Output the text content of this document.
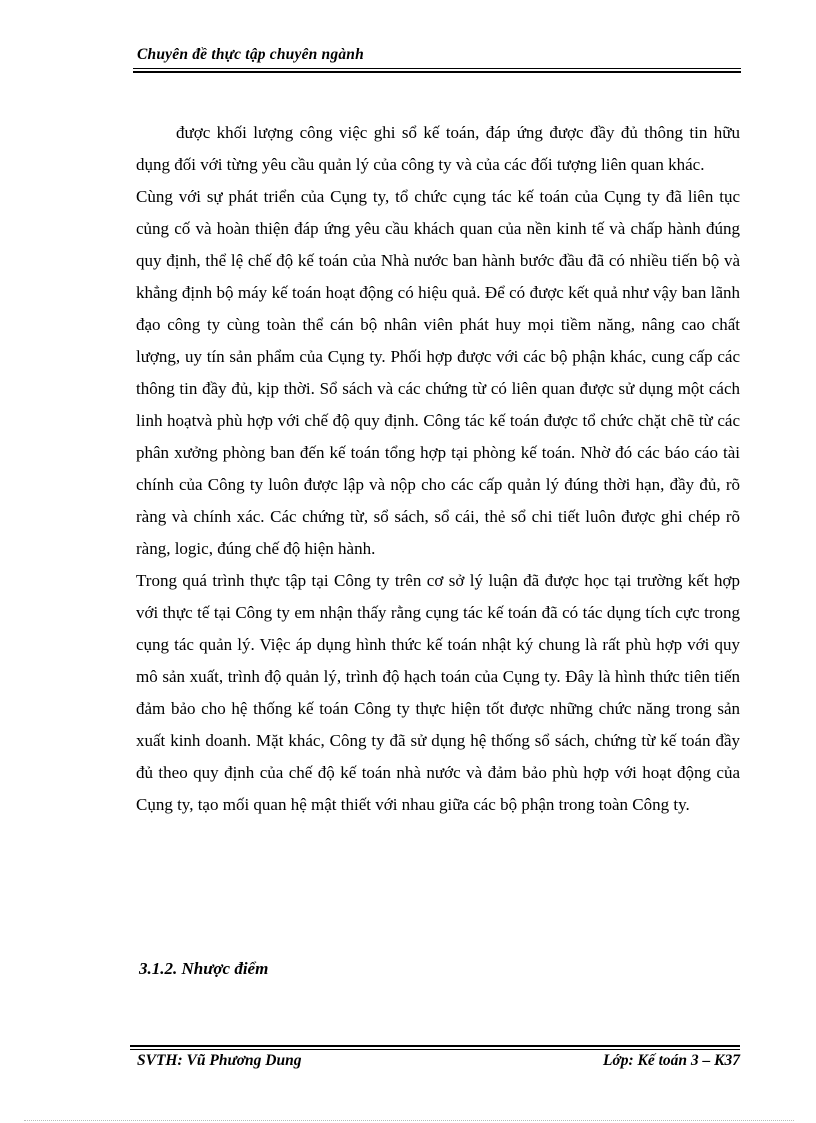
Chuyên đề thực tập chuyên ngành

được khối lượng công việc ghi sổ kế toán, đáp ứng được đầy đủ thông tin hữu dụng đối với từng yêu cầu quản lý của công ty và của các đối tượng liên quan khác.

Cùng với sự phát triển của Cụng ty, tổ chức cụng tác kế toán của Cụng ty đã liên tục củng cố và hoàn thiện đáp ứng yêu cầu khách quan của nền kinh tế và chấp hành đúng quy định, thể lệ chế độ kế toán của Nhà nước ban hành bước đầu đã có nhiều tiến bộ và khẳng định bộ máy kế toán hoạt động có hiệu quả. Để có được kết quả như vậy ban lãnh đạo công ty cùng toàn thể cán bộ nhân viên phát huy mọi tiềm năng, nâng cao chất lượng, uy tín sản phẩm của Cụng ty. Phối hợp được với các bộ phận khác, cung cấp các thông tin đầy đủ, kịp thời. Sổ sách và các chứng từ có liên quan được sử dụng một cách linh hoạtvà phù hợp với chế độ quy định. Công tác kế toán được tổ chức chặt chẽ từ các phân xưởng phòng ban đến kế toán tổng hợp tại phòng kế toán. Nhờ đó các báo cáo tài chính của Công ty luôn được lập và nộp cho các cấp quản lý đúng thời hạn, đầy đủ, rõ ràng và chính xác. Các chứng từ, sổ sách, sổ cái, thẻ sổ chi tiết luôn được ghi chép rõ ràng, logic, đúng chế độ hiện hành.

Trong quá trình thực tập tại Công ty trên cơ sở lý luận đã được học tại trường kết hợp với thực tế tại Công ty em nhận thấy rằng cụng tác kế toán đã có tác dụng tích cực trong cụng tác quản lý. Việc áp dụng hình thức kế toán nhật ký chung là rất phù hợp với quy mô sản xuất, trình độ quản lý, trình độ hạch toán của Cụng ty. Đây là hình thức tiên tiến đảm bảo cho hệ thống kế toán Công ty thực hiện tốt được những chức năng trong sản xuất kinh doanh. Mặt khác, Công ty đã sử dụng hệ thống sổ sách, chứng từ kế toán đầy đủ theo quy định của chế độ kế toán nhà nước và đảm bảo phù hợp với hoạt động của Cụng ty, tạo mối quan hệ mật thiết với nhau giữa các bộ phận trong toàn Công ty.

3.1.2. Nhược điểm
SVTH: Vũ Phương Dung	Lớp: Kế toán 3 – K37
